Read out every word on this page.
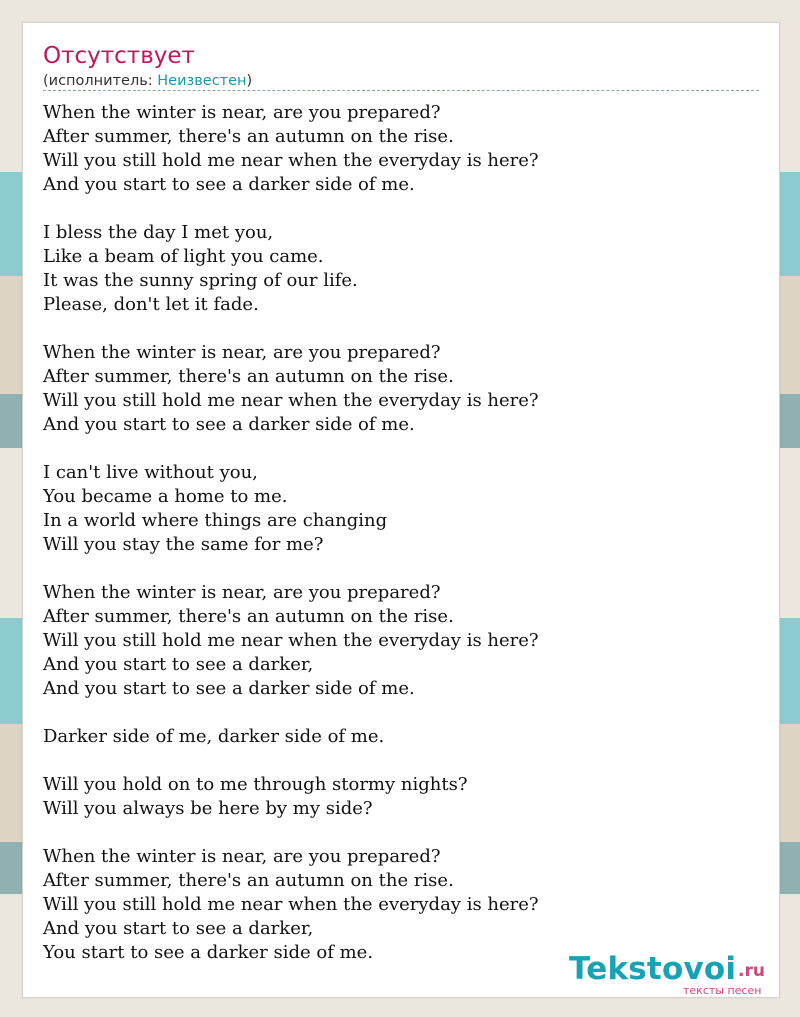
Отсутствует
(исполнитель: Неизвестен)
When the winter is near, are you prepared?
After summer, there's an autumn on the rise.
Will you still hold me near when the everyday is here?
And you start to see a darker side of me.
I bless the day I met you,
Like a beam of light you came.
It was the sunny spring of our life.
Please, don't let it fade.
When the winter is near, are you prepared?
After summer, there's an autumn on the rise.
Will you still hold me near when the everyday is here?
And you start to see a darker side of me.
I can't live without you,
You became a home to me.
In a world where things are changing
Will you stay the same for me?
When the winter is near, are you prepared?
After summer, there's an autumn on the rise.
Will you still hold me near when the everyday is here?
And you start to see a darker,
And you start to see a darker side of me.
Darker side of me, darker side of me.
Will you hold on to me through stormy nights?
Will you always be here by my side?
When the winter is near, are you prepared?
After summer, there's an autumn on the rise.
Will you still hold me near when the everyday is here?
And you start to see a darker,
You start to see a darker side of me.	Tekstovoi .ru
тексты песен
